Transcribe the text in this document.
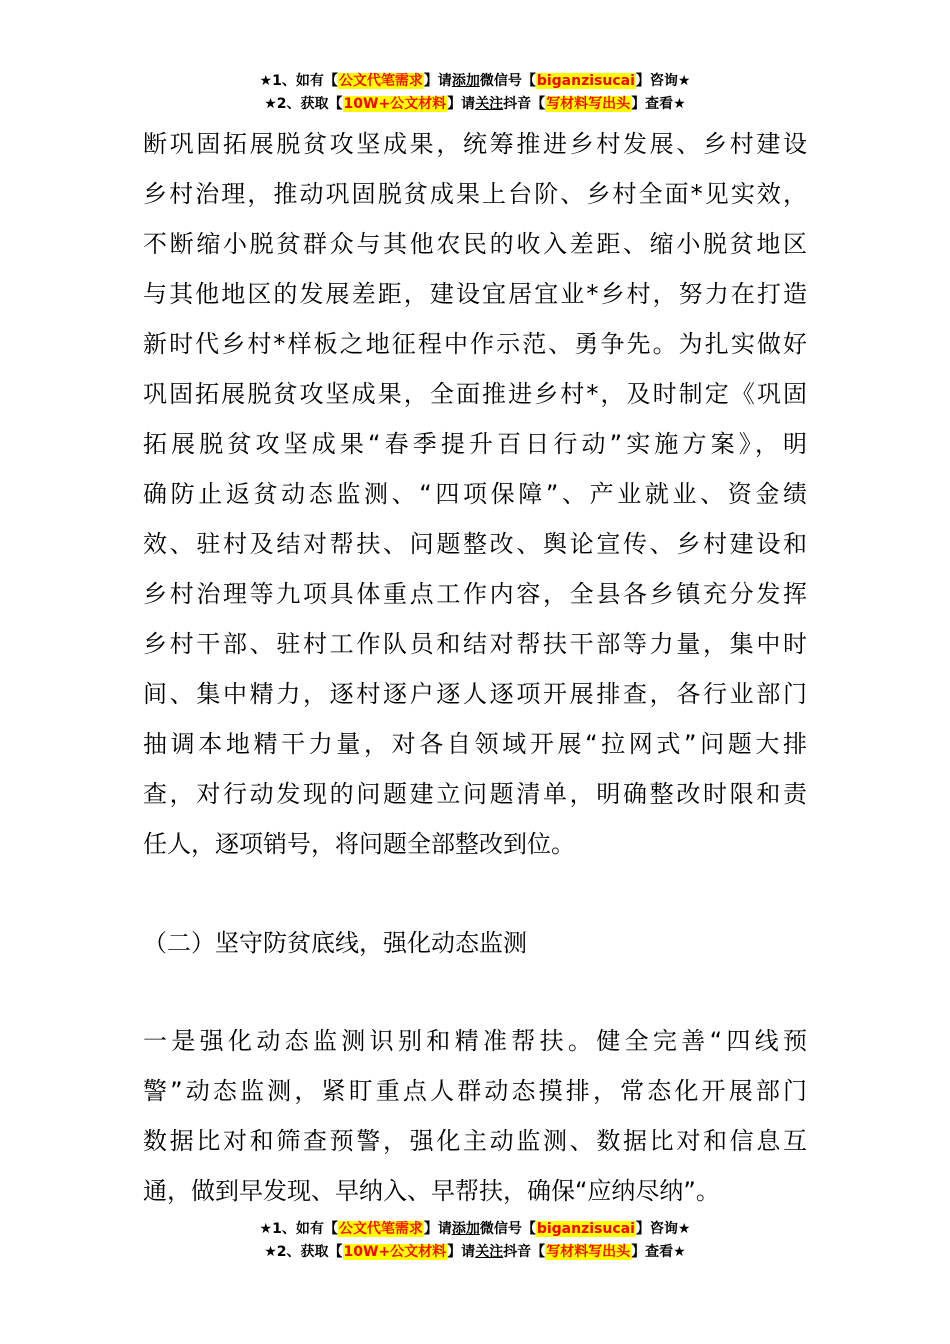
★1、如有【公文代笔需求】请添加微信号【biganzisucai】咨询★
★2、获取【10W+公文材料】请关注抖音【写材料写出头】查看★
断巩固拓展脱贫攻坚成果，统筹推进乡村发展、乡村建设
乡村治理，推动巩固脱贫成果上台阶、乡村全面*见实效，
不断缩小脱贫群众与其他农民的收入差距、缩小脱贫地区
与其他地区的发展差距，建设宜居宜业*乡村，努力在打造
新时代乡村*样板之地征程中作示范、勇争先。为扎实做好
巩固拓展脱贫攻坚成果，全面推进乡村*，及时制定《巩固
拓展脱贫攻坚成果“春季提升百日行动”实施方案》，明
确防止返贫动态监测、“四项保障”、产业就业、资金绩
效、驻村及结对帮扶、问题整改、舆论宣传、乡村建设和
乡村治理等九项具体重点工作内容，全县各乡镇充分发挥
乡村干部、驻村工作队员和结对帮扶干部等力量，集中时
间、集中精力，逐村逐户逐人逐项开展排查，各行业部门
抽调本地精干力量，对各自领域开展“拉网式”问题大排
查，对行动发现的问题建立问题清单，明确整改时限和责
任人，逐项销号，将问题全部整改到位。
（二）坚守防贫底线，强化动态监测
一是强化动态监测识别和精准帮扶。健全完善“四线预
警”动态监测，紧盯重点人群动态摸排，常态化开展部门
数据比对和筛查预警，强化主动监测、数据比对和信息互
通，做到早发现、早纳入、早帮扶，确保“应纳尽纳”。
★1、如有【公文代笔需求】请添加微信号【biganzisucai】咨询★
★2、获取【10W+公文材料】请关注抖音【写材料写出头】查看★
